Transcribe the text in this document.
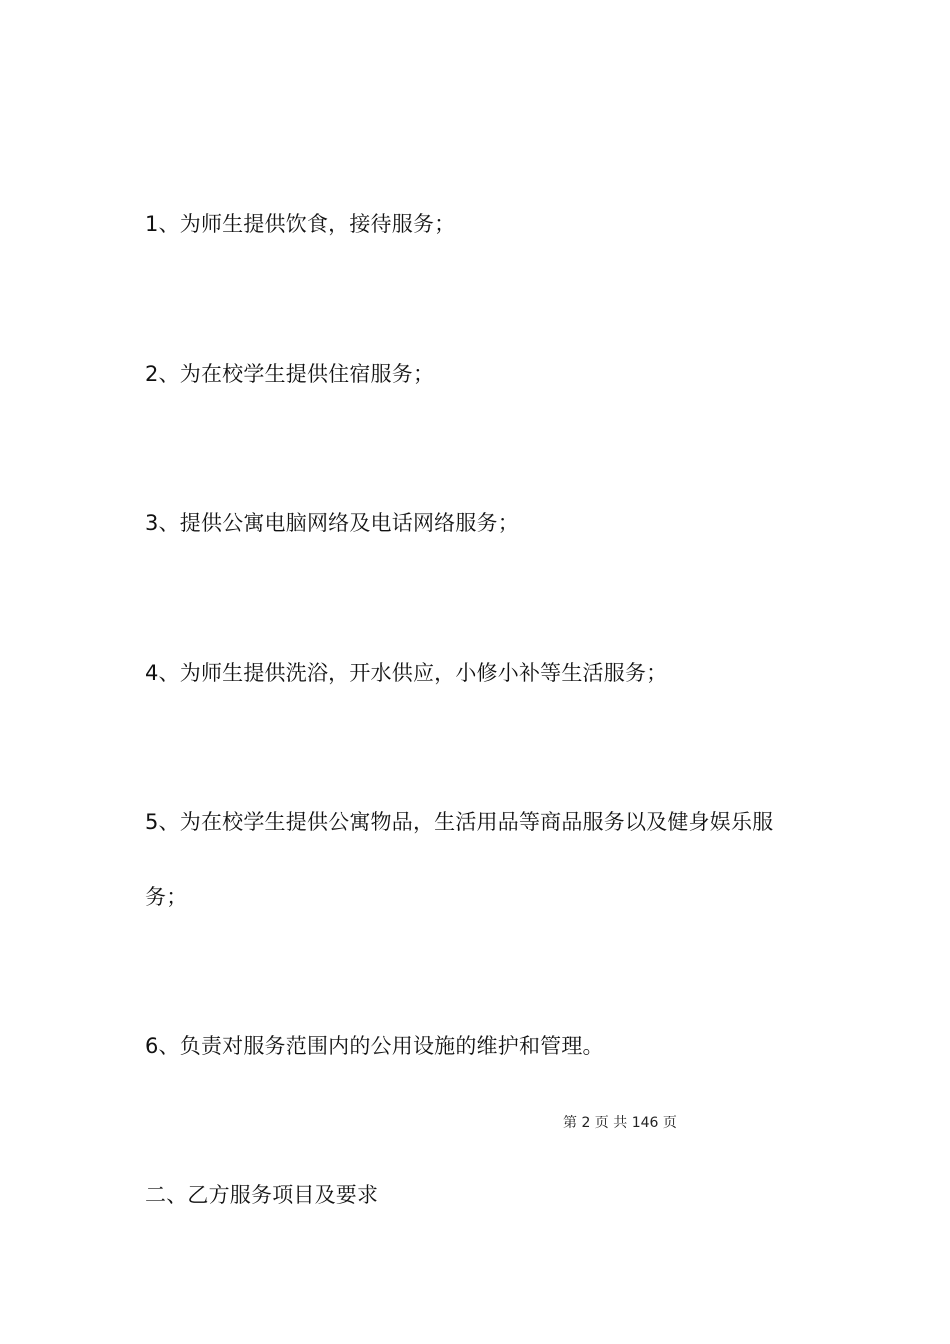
1、为师生提供饮食，接待服务；
2、为在校学生提供住宿服务；
3、提供公寓电脑网络及电话网络服务；
4、为师生提供洗浴，开水供应，小修小补等生活服务；
5、为在校学生提供公寓物品，生活用品等商品服务以及健身娱乐服
务；
6、负责对服务范围内的公用设施的维护和管理。
第 2 页 共 146 页
二、乙方服务项目及要求
